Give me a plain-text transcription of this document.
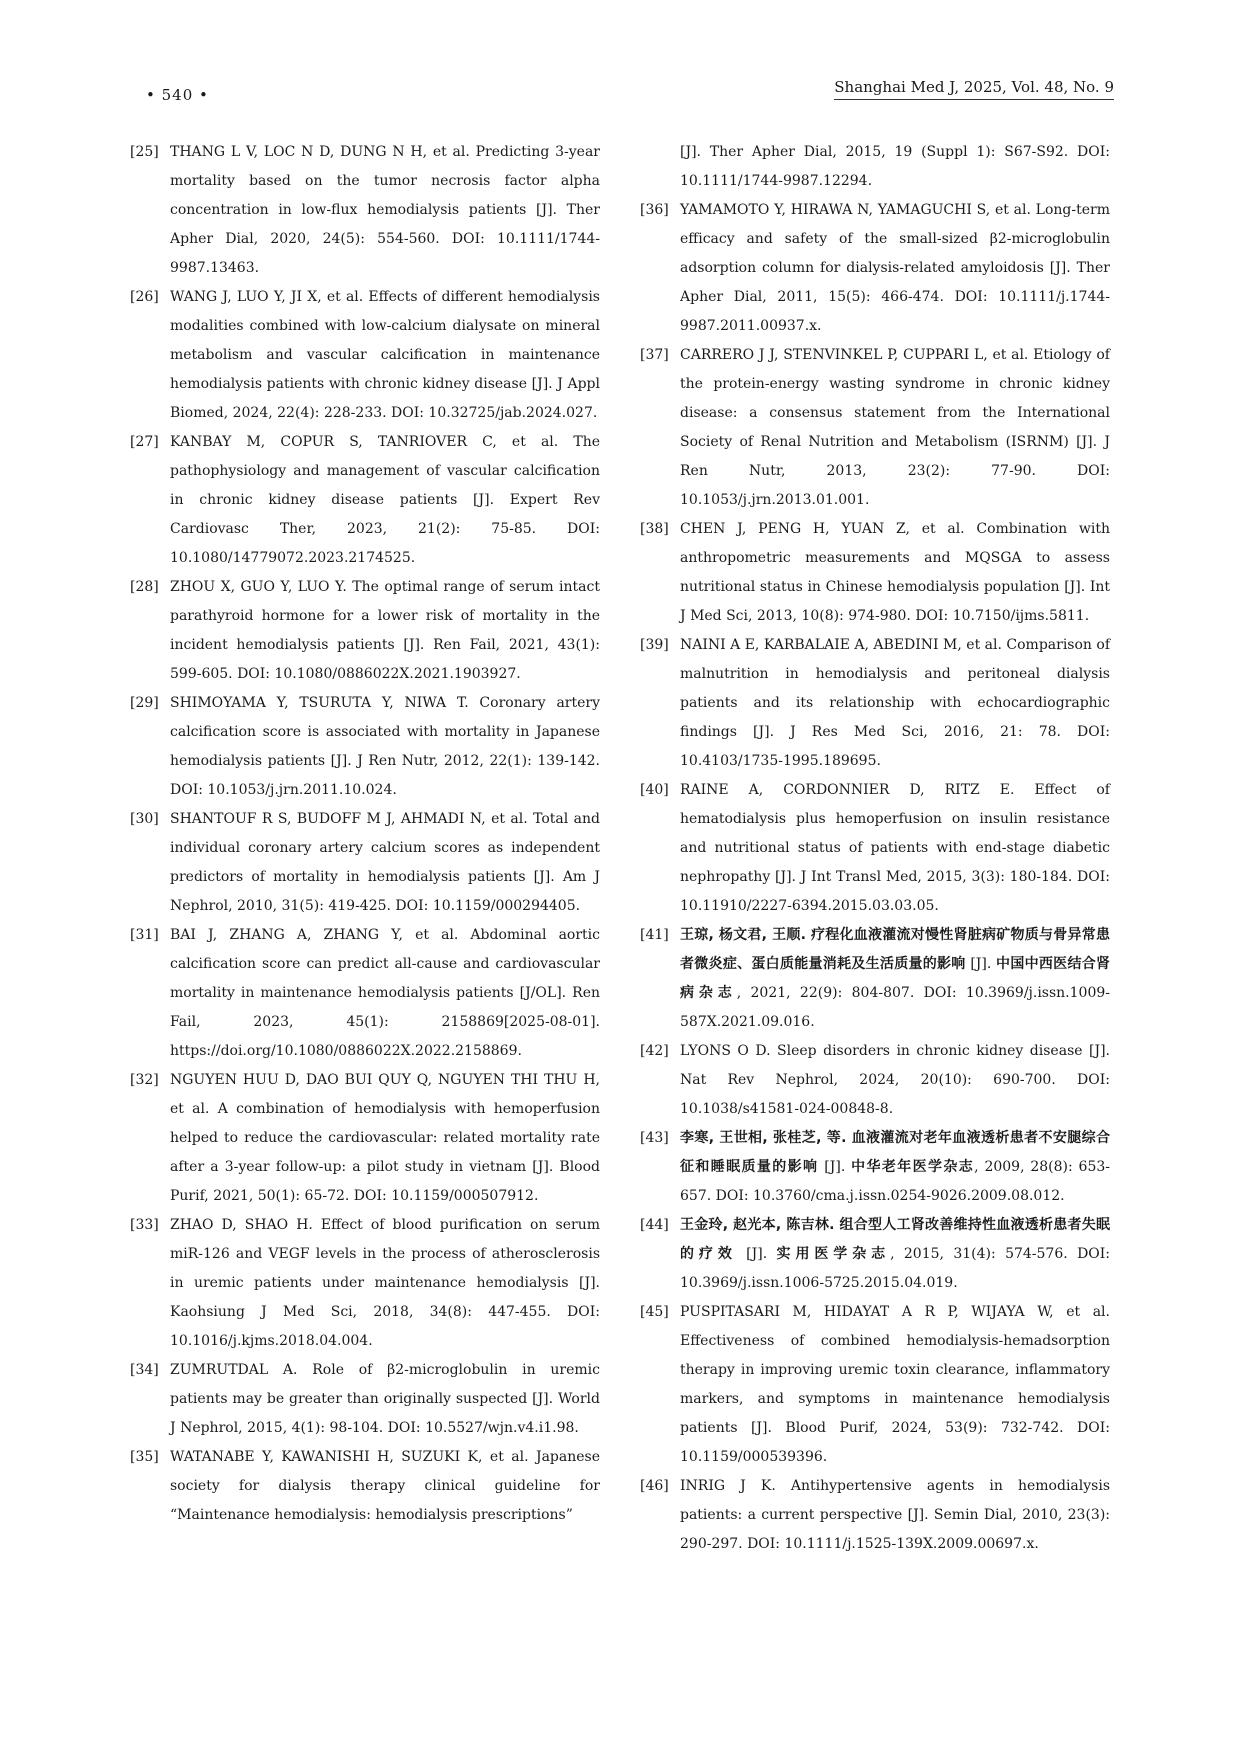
• 540 •	Shanghai Med J, 2025, Vol. 48, No. 9
[25] THANG L V, LOC N D, DUNG N H, et al. Predicting 3-year mortality based on the tumor necrosis factor alpha concentration in low-flux hemodialysis patients [J]. Ther Apher Dial, 2020, 24(5): 554-560. DOI: 10.1111/1744-9987.13463.
[26] WANG J, LUO Y, JI X, et al. Effects of different hemodialysis modalities combined with low-calcium dialysate on mineral metabolism and vascular calcification in maintenance hemodialysis patients with chronic kidney disease [J]. J Appl Biomed, 2024, 22(4): 228-233. DOI: 10.32725/jab.2024.027.
[27] KANBAY M, COPUR S, TANRIOVER C, et al. The pathophysiology and management of vascular calcification in chronic kidney disease patients [J]. Expert Rev Cardiovasc Ther, 2023, 21(2): 75-85. DOI: 10.1080/14779072.2023.2174525.
[28] ZHOU X, GUO Y, LUO Y. The optimal range of serum intact parathyroid hormone for a lower risk of mortality in the incident hemodialysis patients [J]. Ren Fail, 2021, 43(1): 599-605. DOI: 10.1080/0886022X.2021.1903927.
[29] SHIMOYAMA Y, TSURUTA Y, NIWA T. Coronary artery calcification score is associated with mortality in Japanese hemodialysis patients [J]. J Ren Nutr, 2012, 22(1): 139-142. DOI: 10.1053/j.jrn.2011.10.024.
[30] SHANTOUF R S, BUDOFF M J, AHMADI N, et al. Total and individual coronary artery calcium scores as independent predictors of mortality in hemodialysis patients [J]. Am J Nephrol, 2010, 31(5): 419-425. DOI: 10.1159/000294405.
[31] BAI J, ZHANG A, ZHANG Y, et al. Abdominal aortic calcification score can predict all-cause and cardiovascular mortality in maintenance hemodialysis patients [J/OL]. Ren Fail, 2023, 45(1): 2158869[2025-08-01]. https://doi.org/10.1080/0886022X.2022.2158869.
[32] NGUYEN HUU D, DAO BUI QUY Q, NGUYEN THI THU H, et al. A combination of hemodialysis with hemoperfusion helped to reduce the cardiovascular: related mortality rate after a 3-year follow-up: a pilot study in vietnam [J]. Blood Purif, 2021, 50(1): 65-72. DOI: 10.1159/000507912.
[33] ZHAO D, SHAO H. Effect of blood purification on serum miR-126 and VEGF levels in the process of atherosclerosis in uremic patients under maintenance hemodialysis [J]. Kaohsiung J Med Sci, 2018, 34(8): 447-455. DOI: 10.1016/j.kjms.2018.04.004.
[34] ZUMRUTDAL A. Role of β2-microglobulin in uremic patients may be greater than originally suspected [J]. World J Nephrol, 2015, 4(1): 98-104. DOI: 10.5527/wjn.v4.i1.98.
[35] WATANABE Y, KAWANISHI H, SUZUKI K, et al. Japanese society for dialysis therapy clinical guideline for “Maintenance hemodialysis: hemodialysis prescriptions”
[J]. Ther Apher Dial, 2015, 19 (Suppl 1): S67-S92. DOI: 10.1111/1744-9987.12294.
[36] YAMAMOTO Y, HIRAWA N, YAMAGUCHI S, et al. Long-term efficacy and safety of the small-sized β2-microglobulin adsorption column for dialysis-related amyloidosis [J]. Ther Apher Dial, 2011, 15(5): 466-474. DOI: 10.1111/j.1744-9987.2011.00937.x.
[37] CARRERO J J, STENVINKEL P, CUPPARI L, et al. Etiology of the protein-energy wasting syndrome in chronic kidney disease: a consensus statement from the International Society of Renal Nutrition and Metabolism (ISRNM) [J]. J Ren Nutr, 2013, 23(2): 77-90. DOI: 10.1053/j.jrn.2013.01.001.
[38] CHEN J, PENG H, YUAN Z, et al. Combination with anthropometric measurements and MQSGA to assess nutritional status in Chinese hemodialysis population [J]. Int J Med Sci, 2013, 10(8): 974-980. DOI: 10.7150/ijms.5811.
[39] NAINI A E, KARBALAIE A, ABEDINI M, et al. Comparison of malnutrition in hemodialysis and peritoneal dialysis patients and its relationship with echocardiographic findings [J]. J Res Med Sci, 2016, 21: 78. DOI: 10.4103/1735-1995.189695.
[40] RAINE A, CORDONNIER D, RITZ E. Effect of hematodialysis plus hemoperfusion on insulin resistance and nutritional status of patients with end-stage diabetic nephropathy [J]. J Int Transl Med, 2015, 3(3): 180-184. DOI: 10.11910/2227-6394.2015.03.03.05.
[41] 王琼, 杨文君, 王顺. 疗程化血液灌流对慢性肾脏病矿物质与骨异常患者微炎症、蛋白质能量消耗及生活质量的影响 [J]. 中国中西医结合肾病杂志, 2021, 22(9): 804-807. DOI: 10.3969/j.issn.1009-587X.2021.09.016.
[42] LYONS O D. Sleep disorders in chronic kidney disease [J]. Nat Rev Nephrol, 2024, 20(10): 690-700. DOI: 10.1038/s41581-024-00848-8.
[43] 李寒, 王世相, 张桂芝, 等. 血液灌流对老年血液透析患者不安腿综合征和睡眠质量的影响 [J]. 中华老年医学杂志, 2009, 28(8): 653-657. DOI: 10.3760/cma.j.issn.0254-9026.2009.08.012.
[44] 王金玲, 赵光本, 陈吉林. 组合型人工肾改善维持性血液透析患者失眠的疗效 [J]. 实用医学杂志, 2015, 31(4): 574-576. DOI: 10.3969/j.issn.1006-5725.2015.04.019.
[45] PUSPITASARI M, HIDAYAT A R P, WIJAYA W, et al. Effectiveness of combined hemodialysis-hemadsorption therapy in improving uremic toxin clearance, inflammatory markers, and symptoms in maintenance hemodialysis patients [J]. Blood Purif, 2024, 53(9): 732-742. DOI: 10.1159/000539396.
[46] INRIG J K. Antihypertensive agents in hemodialysis patients: a current perspective [J]. Semin Dial, 2010, 23(3): 290-297. DOI: 10.1111/j.1525-139X.2009.00697.x.
